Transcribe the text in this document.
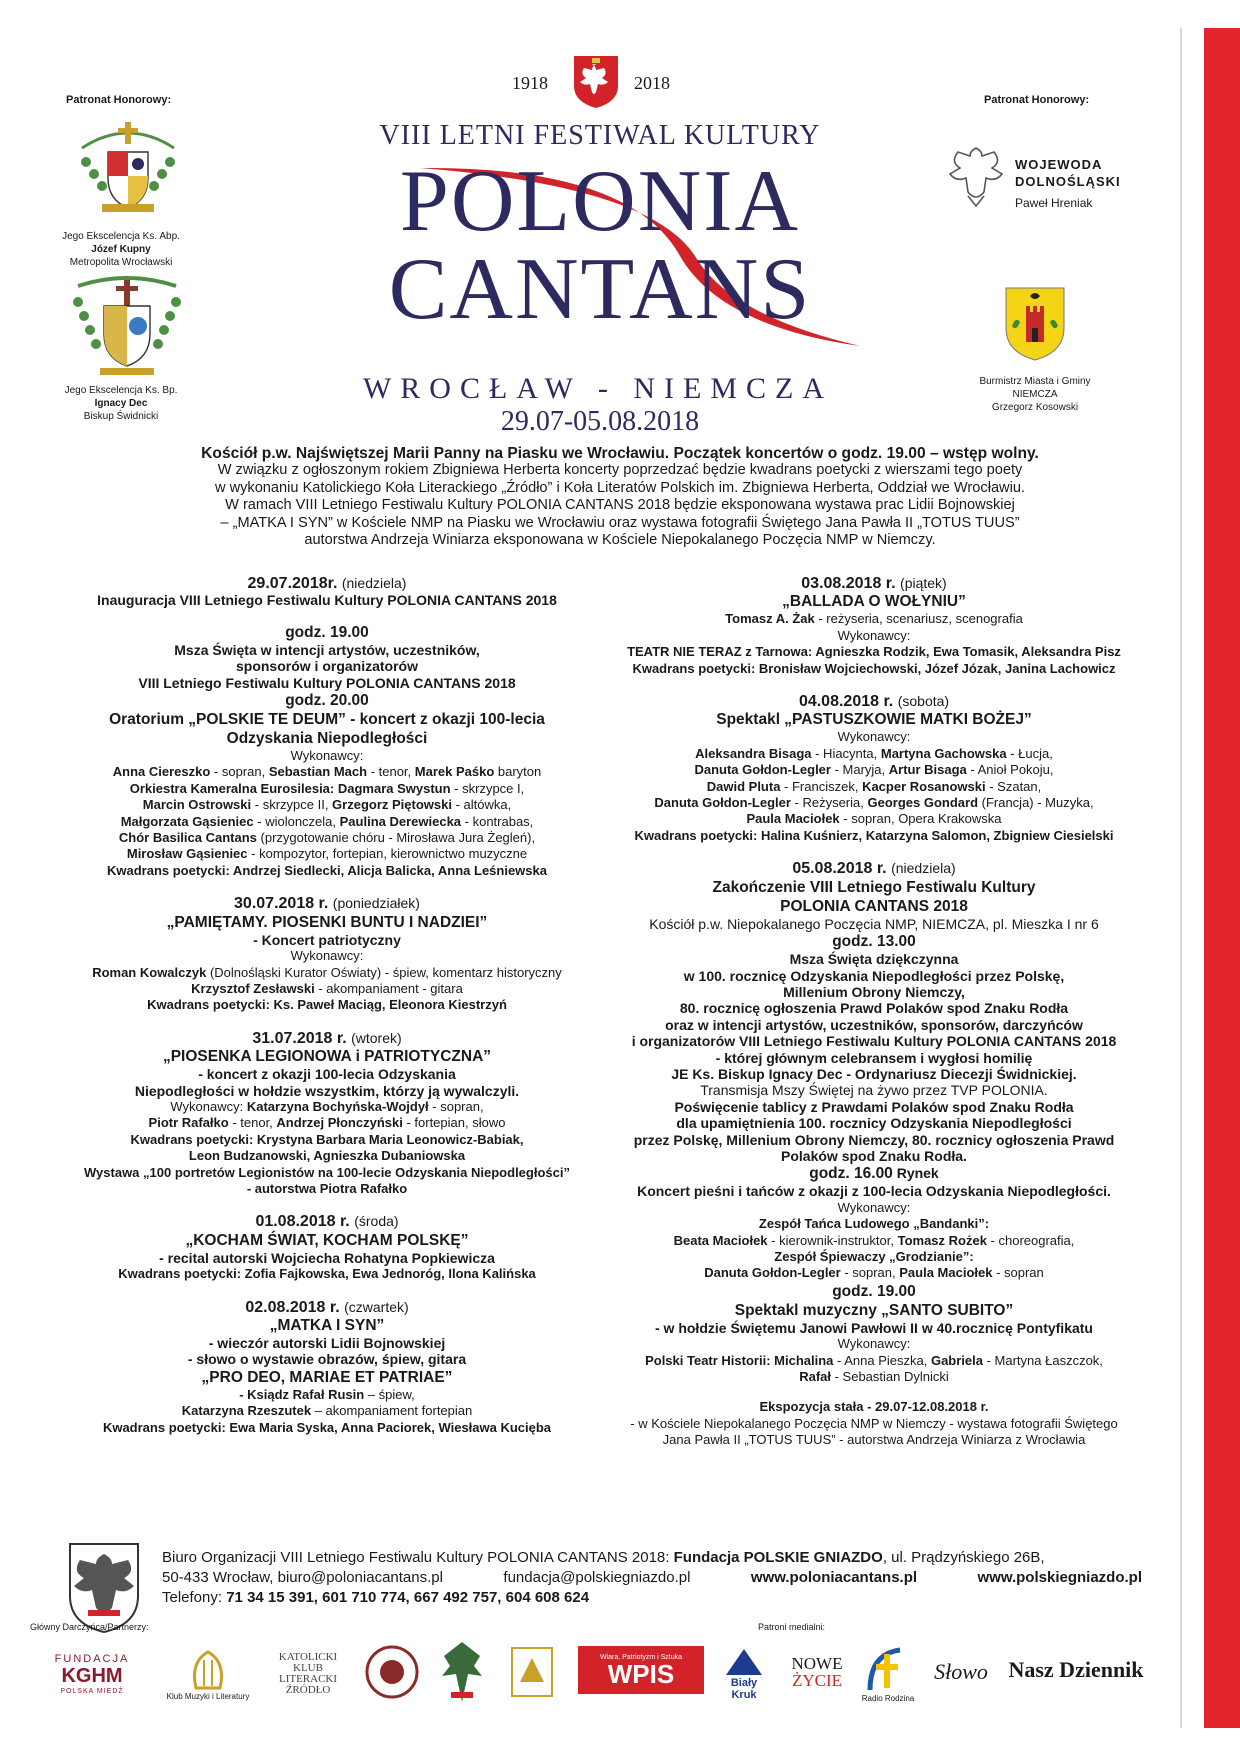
Patronat Honorowy:	Patronat Honorowy:
Jego Ekscelencja Ks. Abp.
Józef Kupny
Metropolita Wrocławski
Jego Ekscelencja Ks. Bp.
Ignacy Dec
Biskup Świdnicki
1918	2018
VIII LETNI FESTIWAL KULTURY
POLONIA
CANTANS
WROCŁAW - NIEMCZA
29.07-05.08.2018
WOJEWODA
DOLNOŚLĄSKI
Paweł Hreniak
Burmistrz Miasta i Gminy
NIEMCZA
Grzegorz Kosowski
Kościół p.w. Najświętszej Marii Panny na Piasku we Wrocławiu. Początek koncertów o godz. 19.00 – wstęp wolny.
W związku z ogłoszonym rokiem Zbigniewa Herberta koncerty poprzedzać będzie kwadrans poetycki z wierszami tego poety
w wykonaniu Katolickiego Koła Literackiego „Źródło” i Koła Literatów Polskich im. Zbigniewa Herberta, Oddział we Wrocławiu.
W ramach VIII Letniego Festiwalu Kultury POLONIA CANTANS 2018 będzie eksponowana wystawa prac Lidii Bojnowskiej
– „MATKA I SYN” w Kościele NMP na Piasku we Wrocławiu oraz wystawa fotografii Świętego Jana Pawła II „TOTUS TUUS”
autorstwa Andrzeja Winiarza eksponowana w Kościele Niepokalanego Poczęcia NMP w Niemczy.
29.07.2018r. (niedziela)
Inauguracja VIII Letniego Festiwalu Kultury POLONIA CANTANS 2018
godz. 19.00
Msza Święta w intencji artystów, uczestników,
sponsorów i organizatorów
VIII Letniego Festiwalu Kultury POLONIA CANTANS 2018
godz. 20.00
Oratorium „POLSKIE TE DEUM” - koncert z okazji 100-lecia
Odzyskania Niepodległości
Wykonawcy:
Anna Ciereszko - sopran, Sebastian Mach - tenor, Marek Paśko baryton
Orkiestra Kameralna Eurosilesia: Dagmara Swystun - skrzypce I,
Marcin Ostrowski - skrzypce II, Grzegorz Piętowski - altówka,
Małgorzata Gąsieniec - wiolonczela, Paulina Derewiecka - kontrabas,
Chór Basilica Cantans (przygotowanie chóru - Mirosława Jura Żegleń),
Mirosław Gąsieniec - kompozytor, fortepian, kierownictwo muzyczne
Kwadrans poetycki: Andrzej Siedlecki, Alicja Balicka, Anna Leśniewska
30.07.2018 r. (poniedziałek)
„PAMIĘTAMY. PIOSENKI BUNTU I NADZIEI”
- Koncert patriotyczny
Wykonawcy:
Roman Kowalczyk (Dolnośląski Kurator Oświaty) - śpiew, komentarz historyczny
Krzysztof Zesławski - akompaniament - gitara
Kwadrans poetycki: Ks. Paweł Maciąg, Eleonora Kiestrzyń
31.07.2018 r. (wtorek)
„PIOSENKA LEGIONOWA i PATRIOTYCZNA”
- koncert z okazji 100-lecia Odzyskania
Niepodległości w hołdzie wszystkim, którzy ją wywalczyli.
Wykonawcy: Katarzyna Bochyńska-Wojdył - sopran,
Piotr Rafałko - tenor, Andrzej Płonczyński - fortepian, słowo
Kwadrans poetycki: Krystyna Barbara Maria Leonowicz-Babiak,
Leon Budzanowski, Agnieszka Dubaniowska
Wystawa „100 portretów Legionistów na 100-lecie Odzyskania Niepodległości”
- autorstwa Piotra Rafałko
01.08.2018 r. (środa)
„KOCHAM ŚWIAT, KOCHAM POLSKĘ”
- recital autorski Wojciecha Rohatyna Popkiewicza
Kwadrans poetycki: Zofia Fajkowska, Ewa Jednoróg, Ilona Kalińska
02.08.2018 r. (czwartek)
„MATKA I SYN”
- wieczór autorski Lidii Bojnowskiej
- słowo o wystawie obrazów, śpiew, gitara
„PRO DEO, MARIAE ET PATRIAE”
- Ksiądz Rafał Rusin – śpiew,
Katarzyna Rzeszutek – akompaniament fortepian
Kwadrans poetycki: Ewa Maria Syska, Anna Paciorek, Wiesława Kucięba
03.08.2018 r. (piątek)
„BALLADA O WOŁYNIU”
Tomasz A. Żak - reżyseria, scenariusz, scenografia
Wykonawcy:
TEATR NIE TERAZ z Tarnowa: Agnieszka Rodzik, Ewa Tomasik, Aleksandra Pisz
Kwadrans poetycki: Bronisław Wojciechowski, Józef Józak, Janina Lachowicz
04.08.2018 r. (sobota)
Spektakl „PASTUSZKOWIE MATKI BOŻEJ”
Wykonawcy:
Aleksandra Bisaga - Hiacynta, Martyna Gachowska - Łucja,
Danuta Gołdon-Legler - Maryja, Artur Bisaga - Anioł Pokoju,
Dawid Pluta - Franciszek, Kacper Rosanowski - Szatan,
Danuta Gołdon-Legler - Reżyseria, Georges Gondard (Francja) - Muzyka,
Paula Maciołek - sopran, Opera Krakowska
Kwadrans poetycki: Halina Kuśnierz, Katarzyna Salomon, Zbigniew Ciesielski
05.08.2018 r. (niedziela)
Zakończenie VIII Letniego Festiwalu Kultury
POLONIA CANTANS 2018
Kościół p.w. Niepokalanego Poczęcia NMP, NIEMCZA, pl. Mieszka I nr 6
godz. 13.00
Msza Święta dziękczynna
w 100. rocznicę Odzyskania Niepodległości przez Polskę,
Millenium Obrony Niemczy,
80. rocznicę ogłoszenia Prawd Polaków spod Znaku Rodła
oraz w intencji artystów, uczestników, sponsorów, darczyńców
i organizatorów VIII Letniego Festiwalu Kultury POLONIA CANTANS 2018
- której głównym celebransem i wygłosi homilię
JE Ks. Biskup Ignacy Dec - Ordynariusz Diecezji Świdnickiej.
Transmisja Mszy Świętej na żywo przez TVP POLONIA.
Poświęcenie tablicy z Prawdami Polaków spod Znaku Rodła
dla upamiętnienia 100. rocznicy Odzyskania Niepodległości
przez Polskę, Millenium Obrony Niemczy, 80. rocznicy ogłoszenia Prawd
Polaków spod Znaku Rodła.
godz. 16.00 Rynek
Koncert pieśni i tańców z okazji z 100-lecia Odzyskania Niepodległości.
Wykonawcy:
Zespół Tańca Ludowego „Bandanki”:
Beata Maciołek - kierownik-instruktor, Tomasz Rożek - choreografia,
Zespół Śpiewaczy „Grodzianie”:
Danuta Gołdon-Legler - sopran, Paula Maciołek - sopran
godz. 19.00
Spektakl muzyczny „SANTO SUBITO”
- w hołdzie Świętemu Janowi Pawłowi II w 40.rocznicę Pontyfikatu
Wykonawcy:
Polski Teatr Historii: Michalina - Anna Pieszka, Gabriela - Martyna Łaszczok,
Rafał - Sebastian Dylnicki
Ekspozycja stała - 29.07-12.08.2018 r.
- w Kościele Niepokalanego Poczęcia NMP w Niemczy - wystawa fotografii Świętego
Jana Pawła II „TOTUS TUUS” - autorstwa Andrzeja Winiarza z Wrocławia
Biuro Organizacji VIII Letniego Festiwalu Kultury POLONIA CANTANS 2018: Fundacja POLSKIE GNIAZDO, ul. Prądzyńskiego 26B,
50-433 Wrocław, biuro@poloniacantans.pl	fundacja@polskiegniazdo.pl	www.poloniacantans.pl	www.polskiegniazdo.pl
Telefony: 71 34 15 391, 601 710 774, 667 492 757, 604 608 624
Główny Darczyńca/Partnerzy:	Patroni medialni:
FUNDACJA
KGHM
POLSKA MIEDŹ	Klub Muzyki i Literatury
KATOLICKI
KLUB
LITERACKI
ŹRÓDŁO
Wiara, Patriotyzm i Sztuka
WPIS	Biały
Kruk
NOWE
ŻYCIE
Radio Rodzina
Słowo Nasz Dziennik
